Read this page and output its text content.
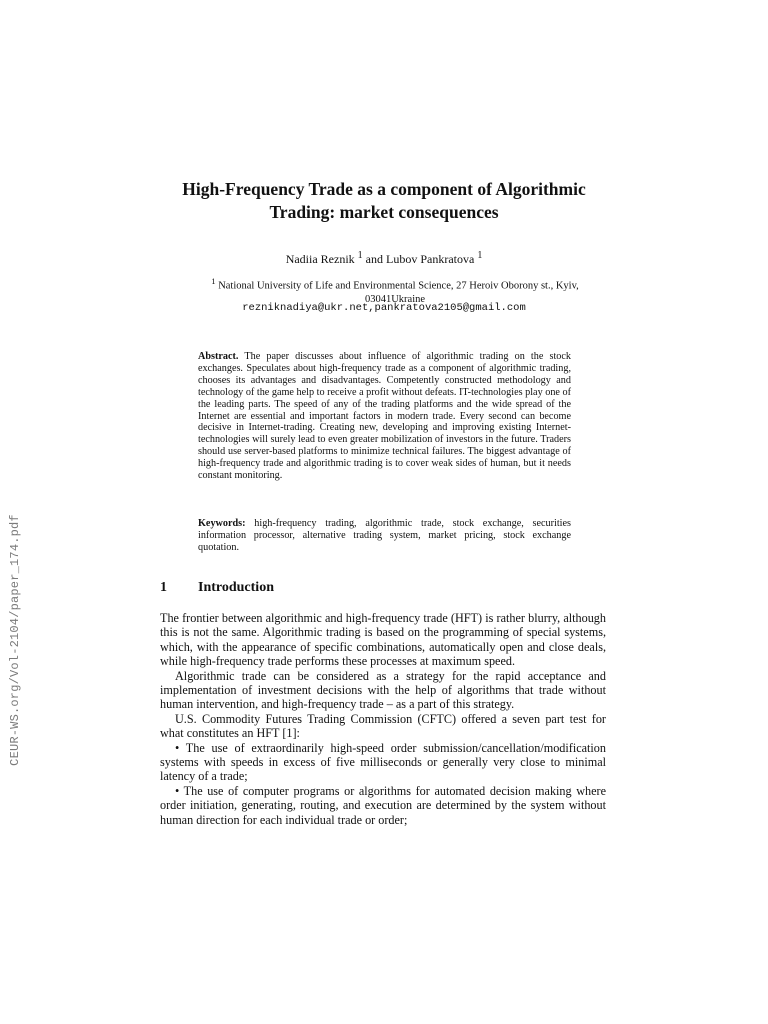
CEUR-WS.org/Vol-2104/paper_174.pdf
High-Frequency Trade as a component of Algorithmic Trading: market consequences
Nadiia Reznik $^1$ and Lubov Pankratova $^1$
$^1$ National University of Life and Environmental Science, 27 Heroiv Oborony st., Kyiv, 03041Ukraine
rezniknadiya@ukr.net,pankratova2105@gmail.com

Abstract. The paper discusses about influence of algorithmic trading on the stock exchanges. Speculates about high-frequency trade as a component of algorithmic trading, chooses its advantages and disadvantages. Competently constructed methodology and technology of the game help to receive a profit without defeats. IT-technologies play one of the leading parts. The speed of any of the trading platforms and the wide spread of the Internet are essential and important factors in modern trade. Every second can become decisive in Internet-trading. Creating new, developing and improving existing Internet-technologies will surely lead to even greater mobilization of investors in the future. Traders should use server-based platforms to minimize technical failures. The biggest advantage of high-frequency trade and algorithmic trading is to cover weak sides of human, but it needs constant monitoring.

Keywords: high-frequency trading, algorithmic trade, stock exchange, securities information processor, alternative trading system, market pricing, stock exchange quotation.

1 Introduction

The frontier between algorithmic and high-frequency trade (HFT) is rather blurry, although this is not the same. Algorithmic trading is based on the programming of special systems, which, with the appearance of specific combinations, automatically open and close deals, while high-frequency trade performs these processes at maximum speed.

Algorithmic trade can be considered as a strategy for the rapid acceptance and implementation of investment decisions with the help of algorithms that trade without human intervention, and high-frequency trade – as a part of this strategy.

U.S. Commodity Futures Trading Commission (CFTC) offered a seven part test for what constitutes an HFT [1]:

• The use of extraordinarily high-speed order submission/cancellation/modification systems with speeds in excess of five milliseconds or generally very close to minimal latency of a trade;

• The use of computer programs or algorithms for automated decision making where order initiation, generating, routing, and execution are determined by the system without human direction for each individual trade or order;
